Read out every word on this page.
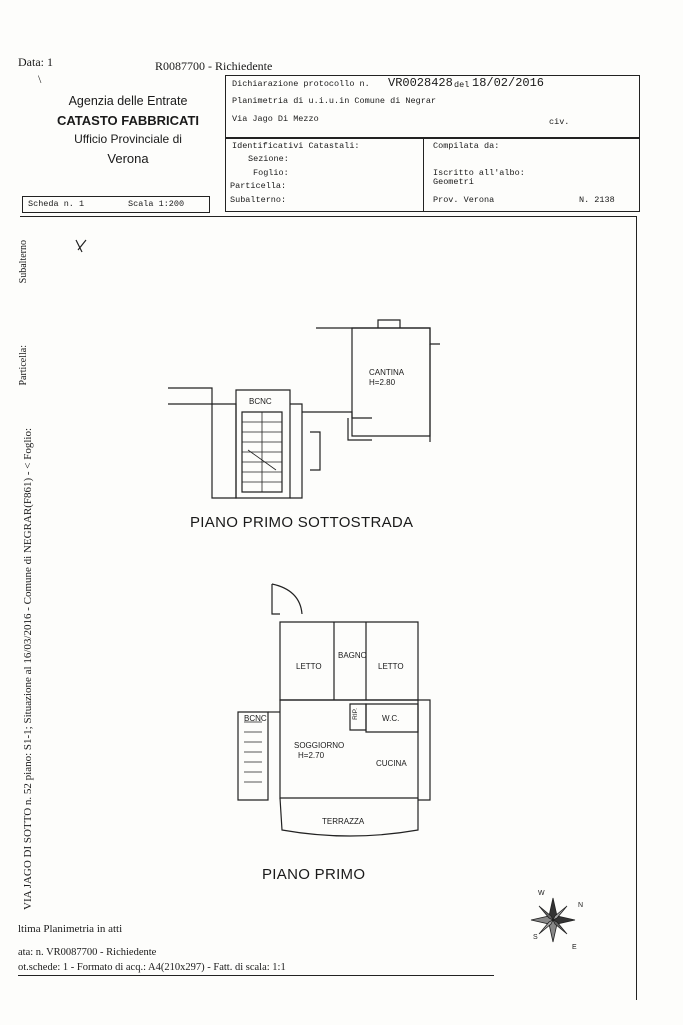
Data: 1	R0087700 - Richiedente
\
Agenzia delle Entrate
CATASTO FABBRICATI
Ufficio Provinciale di
Verona
Scheda n. 1	Scala 1:200
Dichiarazione protocollo n. VR0028428 del 18/02/2016
Planimetria di u.i.u.in Comune di Negrar
Via Jago Di Mezzo	civ.
Identificativi Catastali:
Sezione:
Foglio:
Particella:
Subalterno:
Compilata da:
Iscritto all'albo:
Geometri
Prov. Verona	N. 2138
Subalterno
Particella:
VIA JAGO DI SOTTO n. 52 piano: S1-1; Situazione al 16/03/2016 - Comune di NEGRAR(F861) - < Foglio:
BCNC
CANTINA
H=2.80
PIANO PRIMO SOTTOSTRADA
LETTO
BAGNO
LETTO
BCNC	RIP.	W.C.
SOGGIORNO
H=2.70
CUCINA
TERRAZZA
PIANO PRIMO
W
N
S
E
ltima Planimetria in atti
ata: n. VR0087700 - Richiedente
ot.schede: 1 - Formato di acq.: A4(210x297) - Fatt. di scala: 1:1
